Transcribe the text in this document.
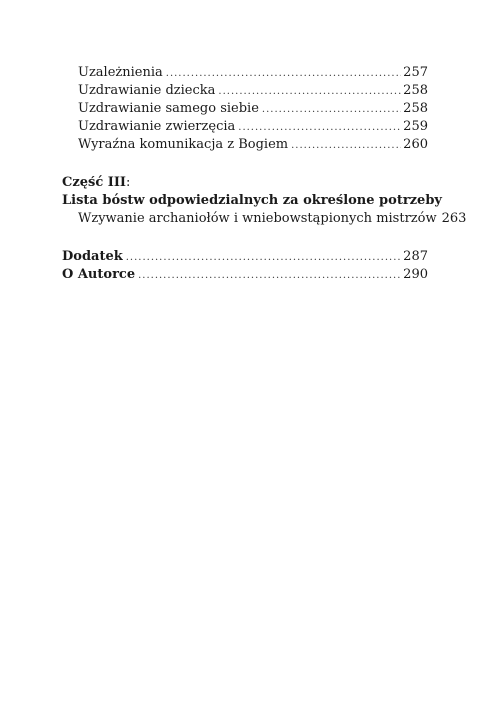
Uzależnienia .....	257
Uzdrawianie dziecka .....	258
Uzdrawianie samego siebie .....	258
Uzdrawianie zwierzęcia .....	259
Wyraźna komunikacja z Bogiem .....	260
Część III:
Lista bóstw odpowiedzialnych za określone potrzeby
Wzywanie archaniołów i wniebowstąpionych mistrzów 263
Dodatek .....	287
O Autorce .....	290
